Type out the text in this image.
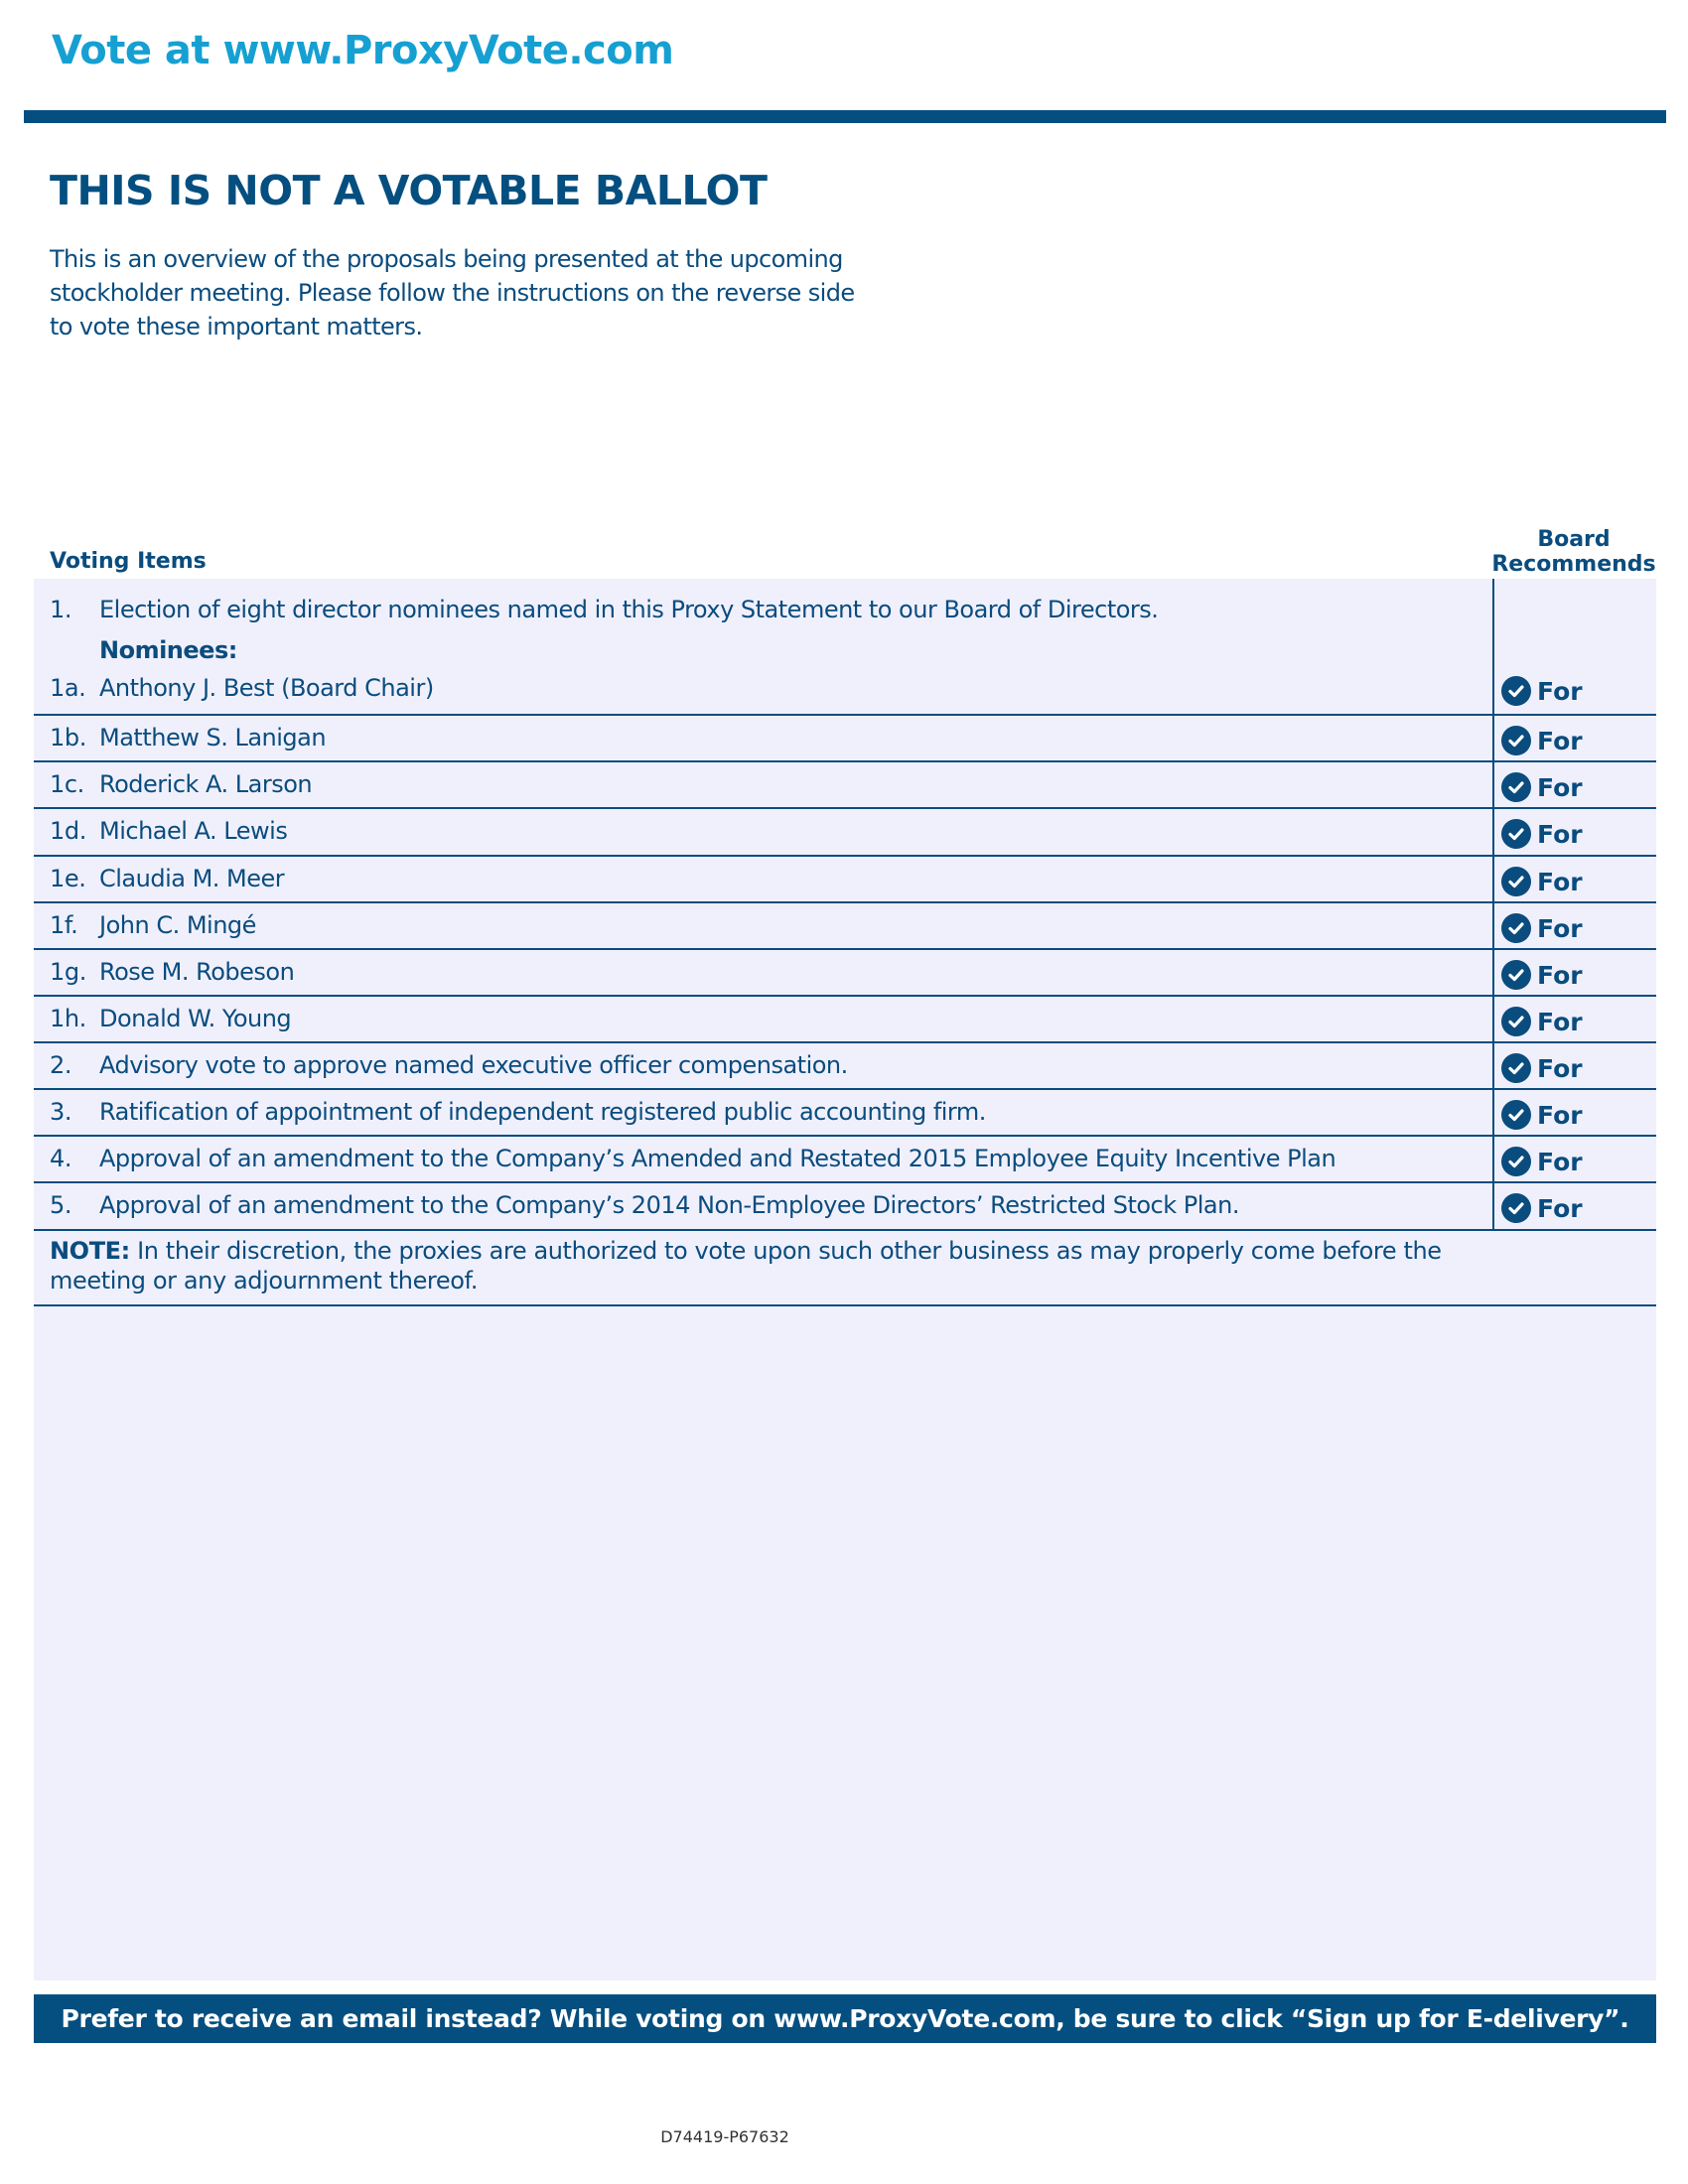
Vote at www.ProxyVote.com
THIS IS NOT A VOTABLE BALLOT
This is an overview of the proposals being presented at the upcoming stockholder meeting. Please follow the instructions on the reverse side to vote these important matters.
Voting Items
Board
Recommends
1. Election of eight director nominees named in this Proxy Statement to our Board of Directors.
Nominees:
1a. Anthony J. Best (Board Chair)	For
1b. Matthew S. Lanigan	For
1c. Roderick A. Larson	For
1d. Michael A. Lewis	For
1e. Claudia M. Meer	For
1f. John C. Mingé	For
1g. Rose M. Robeson	For
1h. Donald W. Young	For
2. Advisory vote to approve named executive officer compensation.	For
3. Ratification of appointment of independent registered public accounting firm.	For
4. Approval of an amendment to the Company’s Amended and Restated 2015 Employee Equity Incentive Plan	For
5. Approval of an amendment to the Company’s 2014 Non-Employee Directors’ Restricted Stock Plan.	For
NOTE: In their discretion, the proxies are authorized to vote upon such other business as may properly come before the meeting or any adjournment thereof.
Prefer to receive an email instead? While voting on www.ProxyVote.com, be sure to click “Sign up for E-delivery”.
D74419-P67632
